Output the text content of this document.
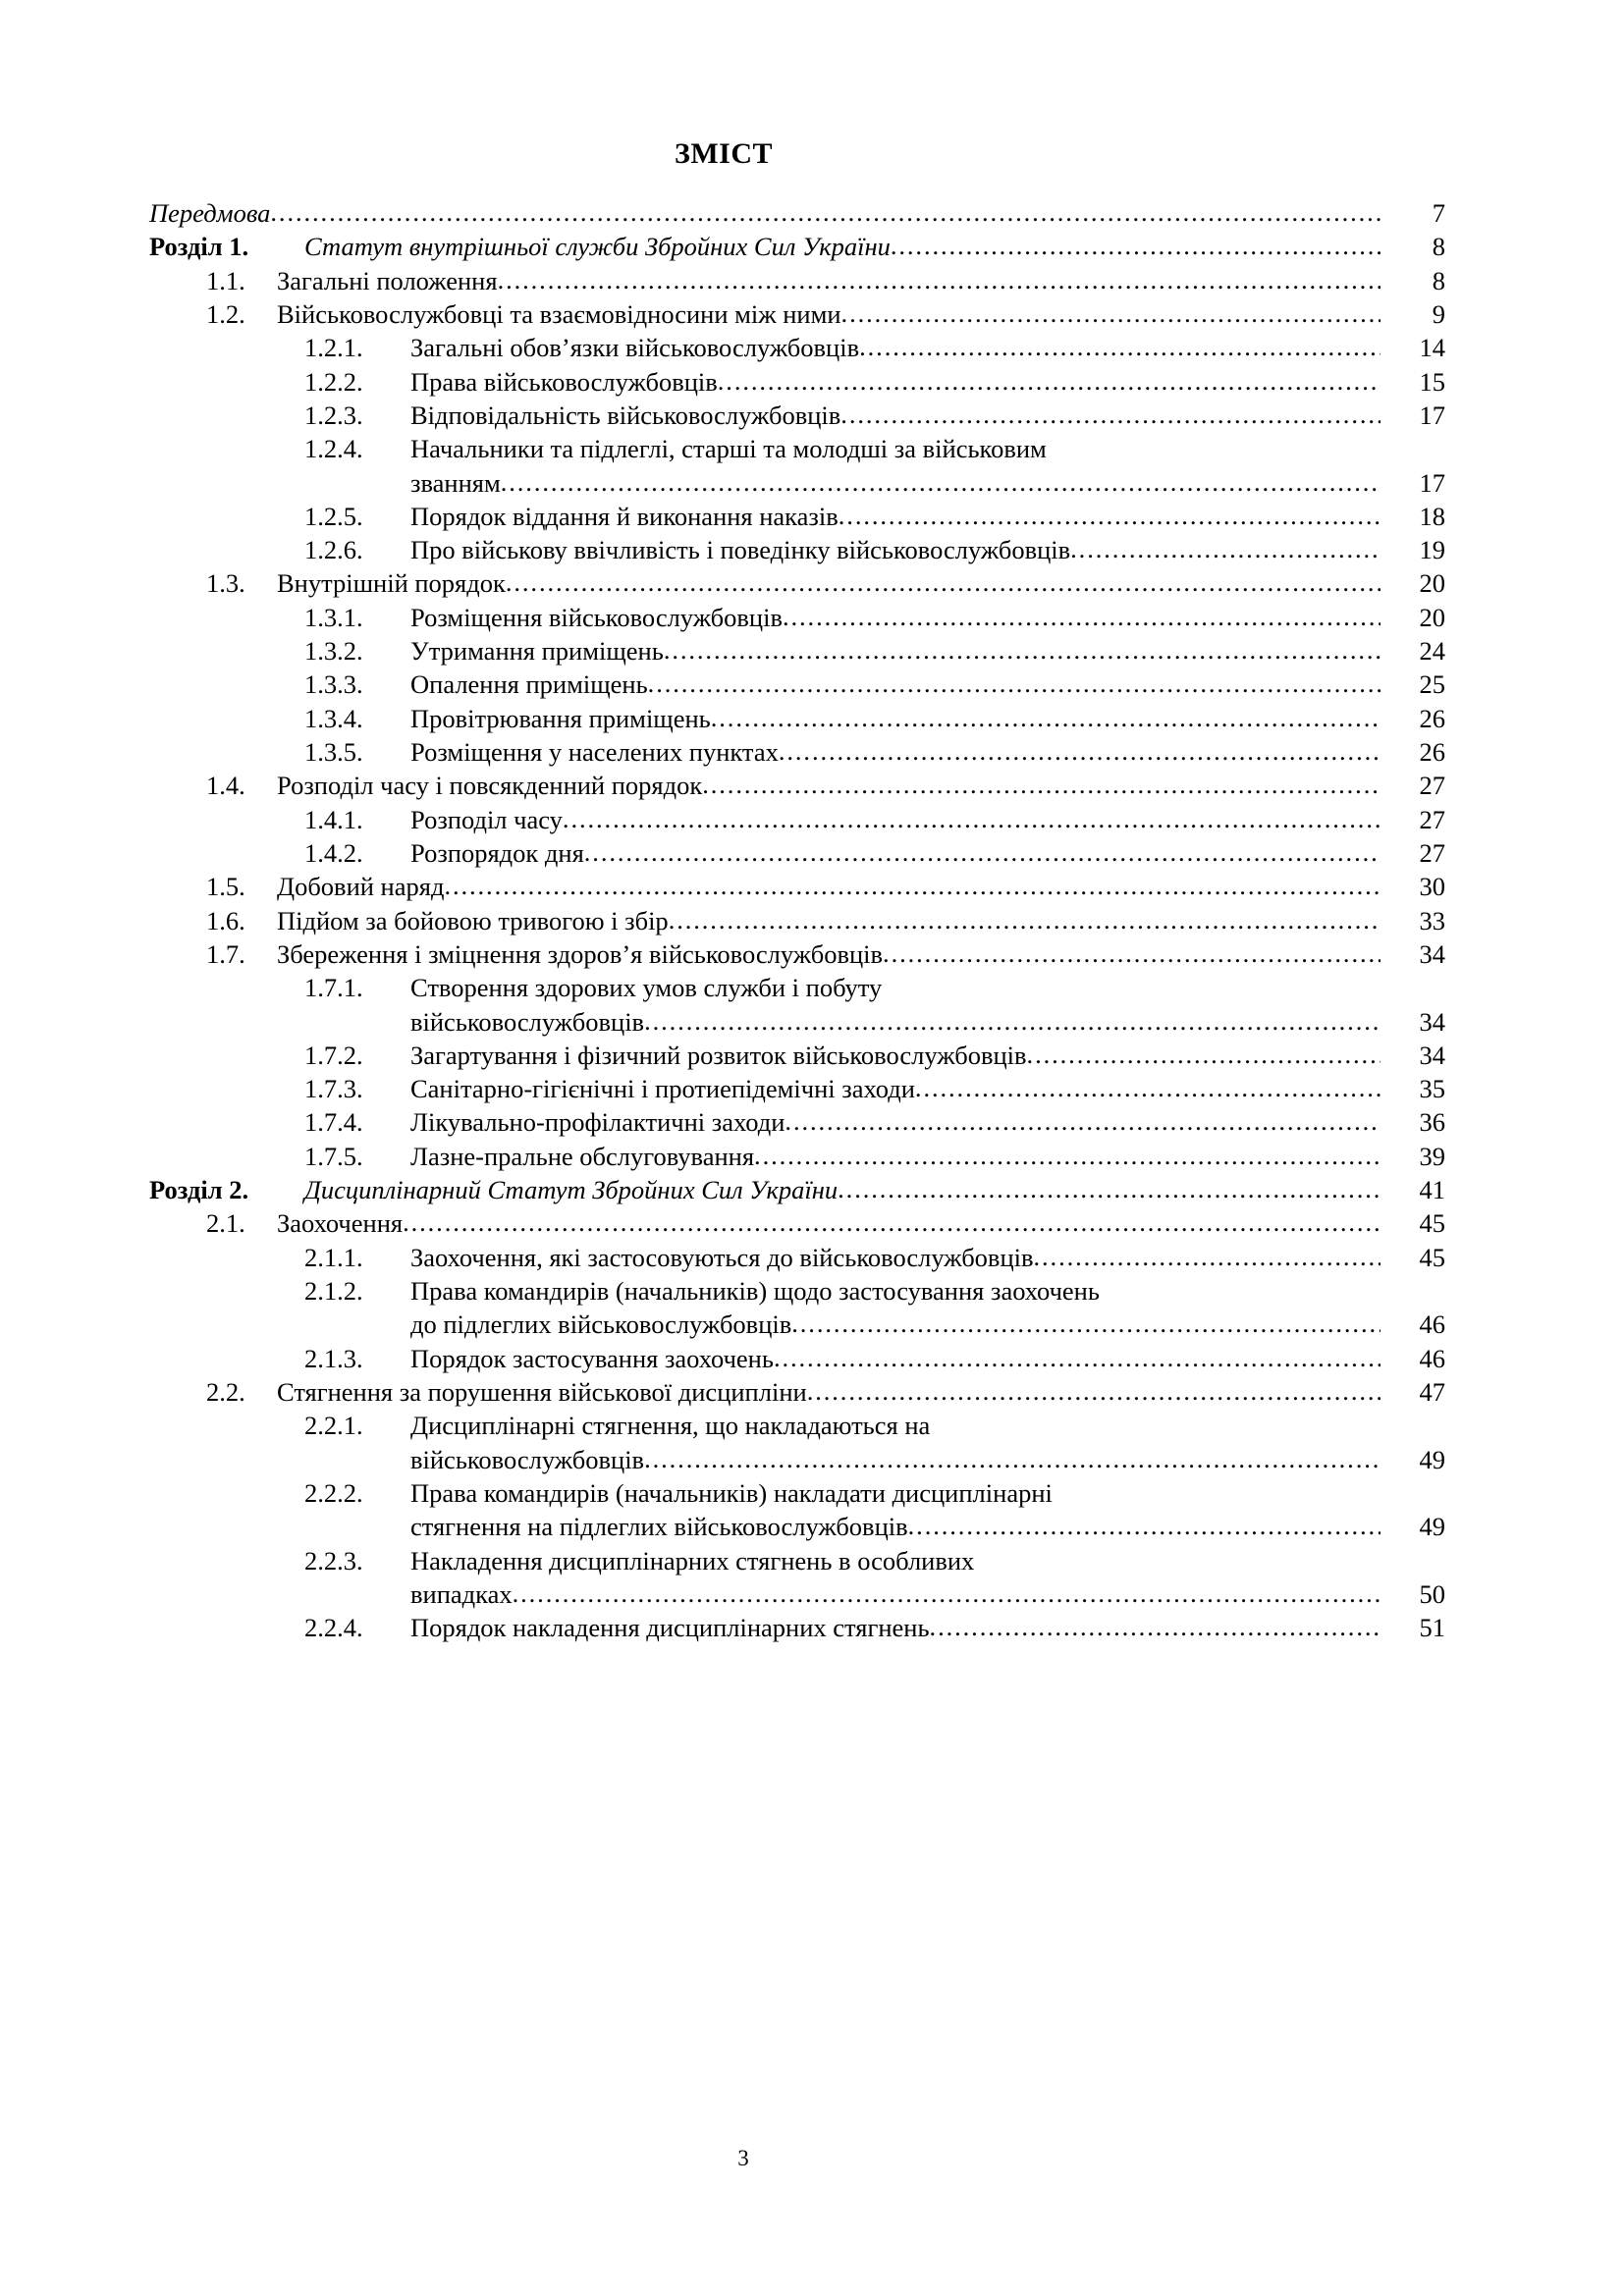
ЗМІСТ
Передмова .....	7
Розділ 1.	Статут внутрішньої служби Збройних Сил України .....	8
1.1.	Загальні положення .....	8
1.2.	Військовослужбовці та взаємовідносини між ними .....	9
1.2.1.	Загальні обов’язки військовослужбовців .....	14
1.2.2.	Права військовослужбовців .....	15
1.2.3.	Відповідальність військовослужбовців .....	17
1.2.4.	Начальники та підлеглі, старші та молодші за військовим
званням .....	17
1.2.5.	Порядок віддання й виконання наказів .....	18
1.2.6.	Про військову ввічливість і поведінку військовослужбовців .....	19
1.3.	Внутрішній порядок .....	20
1.3.1.	Розміщення військовослужбовців .....	20
1.3.2.	Утримання приміщень .....	24
1.3.3.	Опалення приміщень .....	25
1.3.4.	Провітрювання приміщень .....	26
1.3.5.	Розміщення у населених пунктах .....	26
1.4.	Розподіл часу і повсякденний порядок .....	27
1.4.1.	Розподіл часу .....	27
1.4.2.	Розпорядок дня .....	27
1.5.	Добовий наряд .....	30
1.6.	Підйом за бойовою тривогою і збір .....	33
1.7.	Збереження і зміцнення здоров’я військовослужбовців .....	34
1.7.1.	Створення здорових умов служби і побуту
військовослужбовців .....	34
1.7.2.	Загартування і фізичний розвиток військовослужбовців .....	34
1.7.3.	Санітарно-гігієнічні і протиепідемічні заходи .....	35
1.7.4.	Лікувально-профілактичні заходи .....	36
1.7.5.	Лазне-пральне обслуговування .....	39
Розділ 2.	Дисциплінарний Статут Збройних Сил України .....	41
2.1.	Заохочення .....	45
2.1.1.	Заохочення, які застосовуються до військовослужбовців .....	45
2.1.2.	Права командирів (начальників) щодо застосування заохочень
до підлеглих військовослужбовців .....	46
2.1.3.	Порядок застосування заохочень .....	46
2.2.	Стягнення за порушення військової дисципліни .....	47
2.2.1.	Дисциплінарні стягнення, що накладаються на
військовослужбовців .....	49
2.2.2.	Права командирів (начальників) накладати дисциплінарні
стягнення на підлеглих військовослужбовців .....	49
2.2.3.	Накладення дисциплінарних стягнень в особливих
випадках .....	50
2.2.4.	Порядок накладення дисциплінарних стягнень .....	51
3
